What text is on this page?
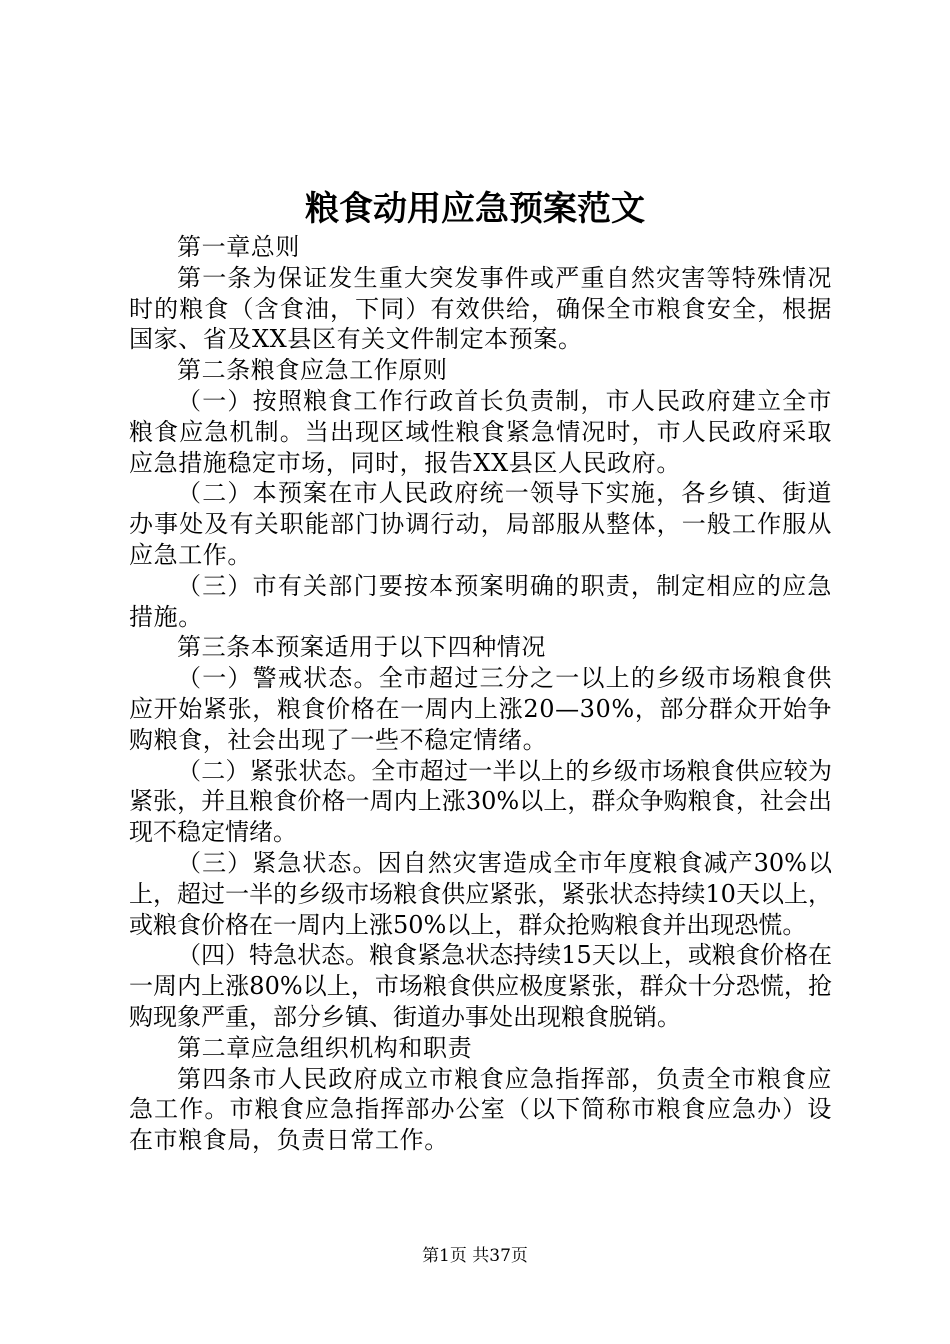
粮食动用应急预案范文

第一章总则

第一条为保证发生重大突发事件或严重自然灾害等特殊情况时的粮食（含食油，下同）有效供给，确保全市粮食安全，根据国家、省及XX县区有关文件制定本预案。

第二条粮食应急工作原则

（一）按照粮食工作行政首长负责制，市人民政府建立全市粮食应急机制。当出现区域性粮食紧急情况时，市人民政府采取应急措施稳定市场，同时，报告XX县区人民政府。

（二）本预案在市人民政府统一领导下实施，各乡镇、街道办事处及有关职能部门协调行动，局部服从整体，一般工作服从应急工作。

（三）市有关部门要按本预案明确的职责，制定相应的应急措施。

第三条本预案适用于以下四种情况

（一）警戒状态。全市超过三分之一以上的乡级市场粮食供应开始紧张，粮食价格在一周内上涨20—30%，部分群众开始争购粮食，社会出现了一些不稳定情绪。

（二）紧张状态。全市超过一半以上的乡级市场粮食供应较为紧张，并且粮食价格一周内上涨30%以上，群众争购粮食，社会出现不稳定情绪。

（三）紧急状态。因自然灾害造成全市年度粮食减产30%以上，超过一半的乡级市场粮食供应紧张，紧张状态持续10天以上，或粮食价格在一周内上涨50%以上，群众抢购粮食并出现恐慌。

（四）特急状态。粮食紧急状态持续15天以上，或粮食价格在一周内上涨80%以上，市场粮食供应极度紧张，群众十分恐慌，抢购现象严重，部分乡镇、街道办事处出现粮食脱销。

第二章应急组织机构和职责

第四条市人民政府成立市粮食应急指挥部，负责全市粮食应急工作。市粮食应急指挥部办公室（以下简称市粮食应急办）设在市粮食局，负责日常工作。

第1页 共37页
